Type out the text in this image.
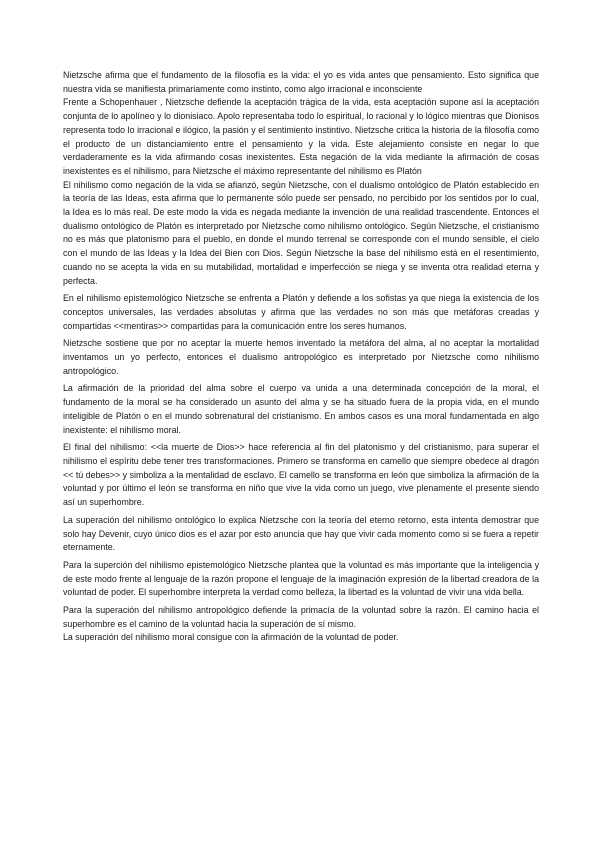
Nietzsche afirma que el fundamento de la filosofía es la vida: el yo es vida antes que pensamiento. Esto significa que nuestra vida se manifiesta primariamente como instinto, como algo irracional e inconsciente

Frente a Schopenhauer , Nietzsche defiende la aceptación trágica de la vida, esta aceptación supone así la aceptación conjunta de lo apolíneo y lo dionisiaco. Apolo representaba todo lo espiritual, lo racional y lo lógico mientras que Dionisos representa todo lo irracional e ilógico, la pasión y el sentimiento instintivo. Nietzsche critica la historia de la filosofía como el producto de un distanciamiento entre el pensamiento y la vida. Este alejamiento consiste en negar lo que verdaderamente es la vida afirmando cosas inexistentes. Esta negación de la vida mediante la afirmación de cosas inexistentes es el nihilismo, para Nietzsche el máximo representante del nihilismo es Platón

El nihilismo como negación de la vida se afianzó, según Nietzsche, con el dualismo ontológico de Platón establecido en la teoría de las Ideas, esta afirma que lo permanente sólo puede ser pensado, no percibido por los sentidos por lo cual, la Idea es lo más real. De este modo la vida es negada mediante la invención de una realidad trascendente. Entonces el dualismo ontológico de Platón es interpretado por Nietzsche como nihilismo ontológico. Según Nietzsche, el cristianismo no es más que platonismo para el pueblo, en donde el mundo terrenal se corresponde con el mundo sensible, el cielo con el mundo de las Ideas y la Idea del Bien con Dios. Según Nietzsche la base del nihilismo está en el resentimiento, cuando no se acepta la vida en su mutabilidad, mortalidad e imperfección se niega y se inventa otra realidad eterna y perfecta.

En el nihilismo epistemológico Nietzsche se enfrenta a Platón y defiende a los sofistas ya que niega la existencia de los conceptos universales, las verdades absolutas y afirma que las verdades no son más que metáforas creadas y compartidas <<mentiras>> compartidas para la comunicación entre los seres humanos.

Nietzsche sostiene que por no aceptar la muerte hemos inventado la metáfora del alma, al no aceptar la mortalidad inventamos un yo perfecto, entonces el dualismo antropológico es interpretado por Nietzsche como nihilismo antropológico.

La afirmación de la prioridad del alma sobre el cuerpo va unida a una determinada concepción de la moral, el fundamento de la moral se ha considerado un asunto del alma y se ha situado fuera de la propia vida, en el mundo inteligible de Platón o en el mundo sobrenatural del cristianismo. En ambos casos es una moral fundamentada en algo inexistente: el nihilismo moral.

El final del nihilismo: <<la muerte de Dios>> hace referencia al fin del platonismo y del cristianismo, para superar el nihilismo el espíritu debe tener tres transformaciones. Primero se transforma en camello que siempre obedece al dragón << tú debes>> y simboliza a la mentalidad de esclavo. El camello se transforma en león que simboliza la afirmación de la voluntad y por último el león se transforma en niño que vive la vida como un juego, vive plenamente el presente siendo así un superhombre.

La superación del nihilismo ontológico lo explica Nietzsche con la teoría del eterno retorno, esta intenta demostrar que solo hay Devenir, cuyo único dios es el azar por esto anuncia que hay que vivir cada momento como si se fuera a repetir eternamente.

Para la superción del nihilismo epistemológico Nietzsche plantea que la voluntad es más importante que la inteligencia y de este modo frente al lenguaje de la razón propone el lenguaje de la imaginación expresión de la libertad creadora de la voluntad de poder. El superhombre interpreta la verdad como belleza, la libertad es la voluntad de vivir una vida bella.

Para la superación del nihilismo antropológico defiende la primacía de la voluntad sobre la razón. El camino hacia el superhombre es el camino de la voluntad hacia la superación de sí mismo.

La superación del nihilismo moral consigue con la afirmación de la voluntad de poder.
